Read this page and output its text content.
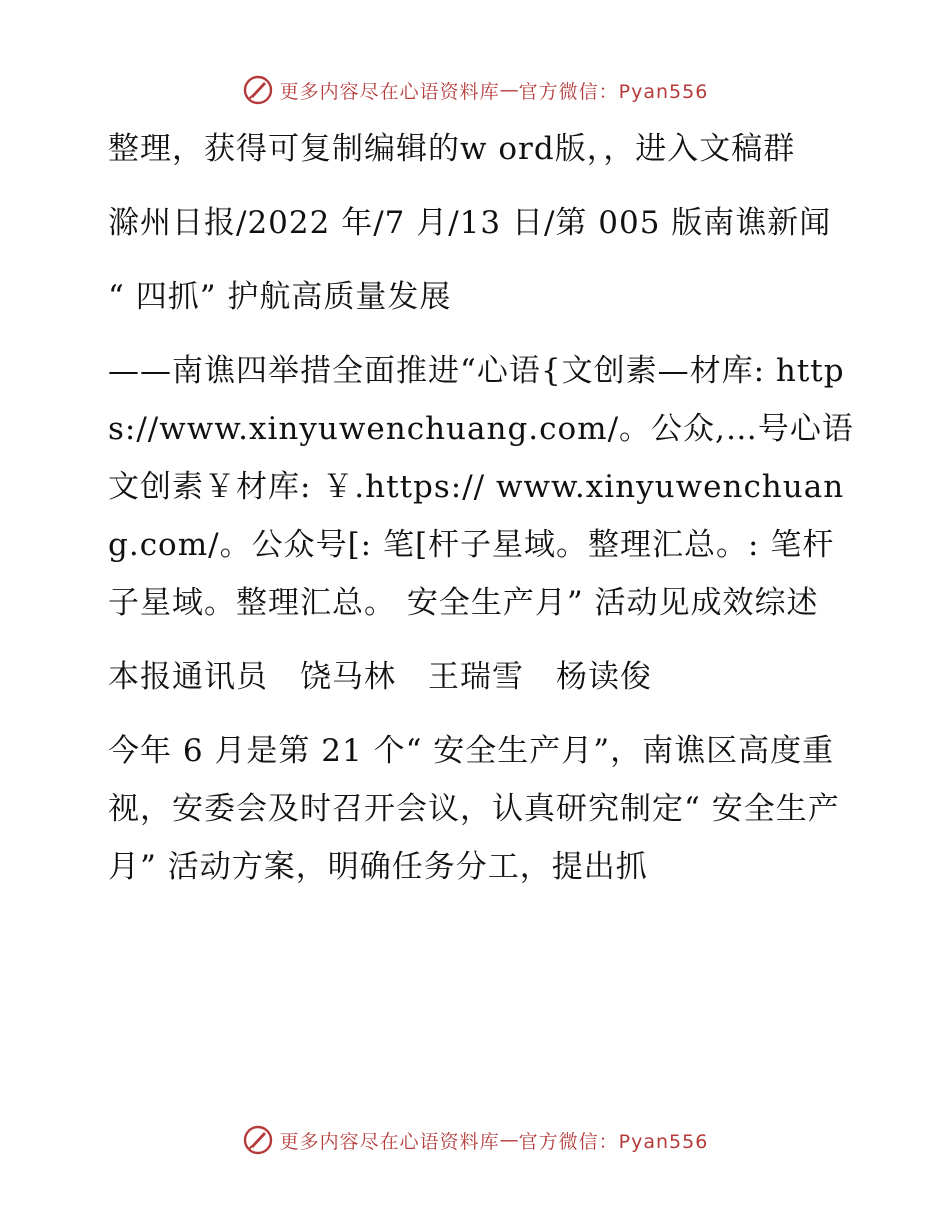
更多内容尽在心语资料库 — 官方微信：Pyan556

整理，获得可复制编辑的w ord版，，进入文稿群

滁州日报/2022 年/7 月/13 日/第 005 版南谯新闻

“ 四抓” 护航高质量发展

——南谯四举措全面推进“心语{文创素—材库: https://www.xinyuwenchuang.com/。公众,…号心语文创素￥材库: ￥.https:// www.xinyuwenchuang.com/。公众号[: 笔[杆子星域。整理汇总。: 笔杆子星域。整理汇总。 安全生产月” 活动见成效综述

本报通讯员　饶马林　王瑞雪　杨读俊

今年 6 月是第 21 个“ 安全生产月”，南谯区高度重视，安委会及时召开会议，认真研究制定“ 安全生产月” 活动方案，明确任务分工，提出抓

更多内容尽在心语资料库 — 官方微信：Pyan556
